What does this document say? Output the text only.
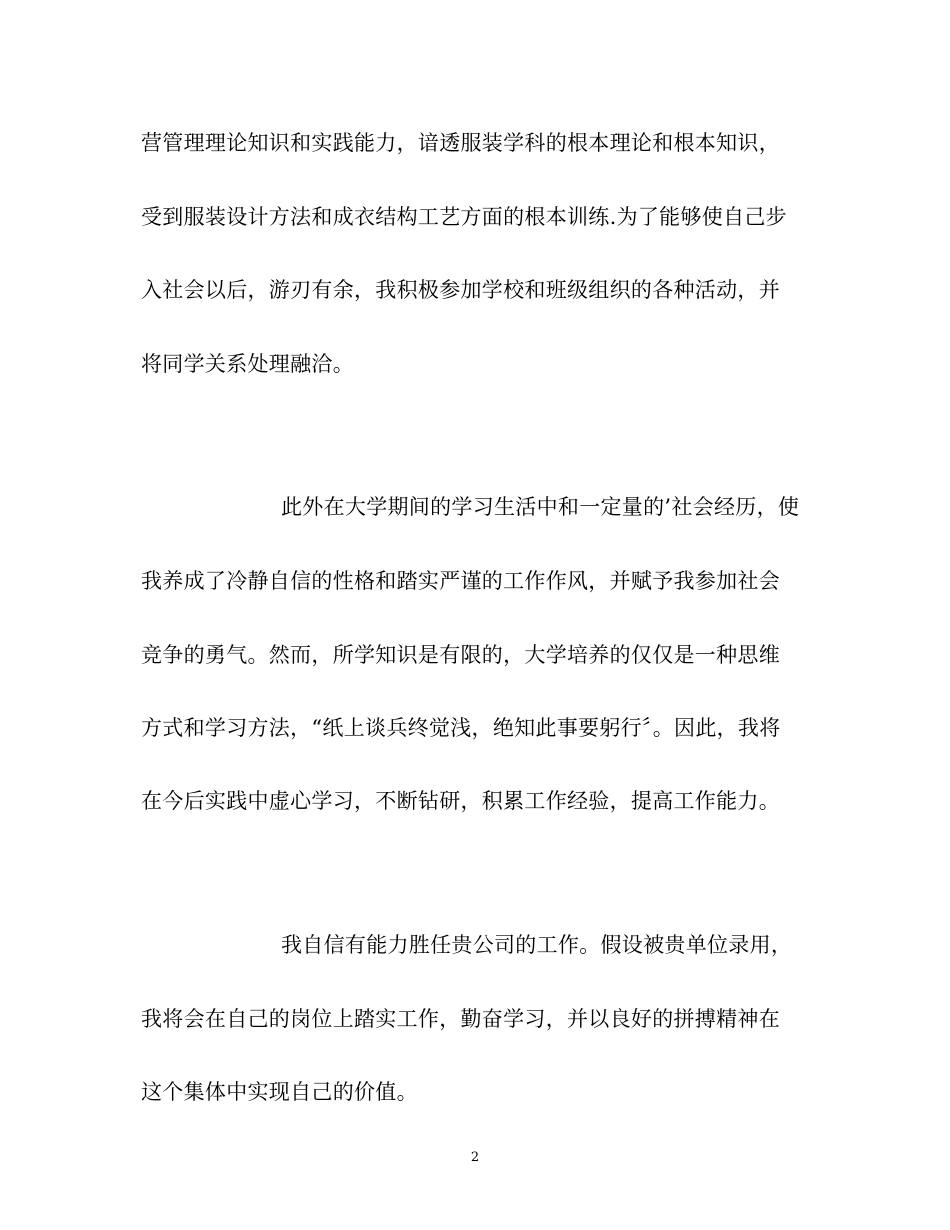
营管理理论知识和实践能力，谙透服装学科的根本理论和根本知识，
受到服装设计方法和成衣结构工艺方面的根本训练.为了能够使自己步
入社会以后，游刃有余，我积极参加学校和班级组织的各种活动，并
将同学关系处理融洽。
此外在大学期间的学习生活中和一定量的’社会经历，使
我养成了冷静自信的性格和踏实严谨的工作作风，并赋予我参加社会
竞争的勇气。然而，所学知识是有限的，大学培养的仅仅是一种思维
方式和学习方法，“纸上谈兵终觉浅，绝知此事要躬行〞。因此，我将
在今后实践中虚心学习，不断钻研，积累工作经验，提高工作能力。
我自信有能力胜任贵公司的工作。假设被贵单位录用，
我将会在自己的岗位上踏实工作，勤奋学习，并以良好的拼搏精神在
这个集体中实现自己的价值。
2
